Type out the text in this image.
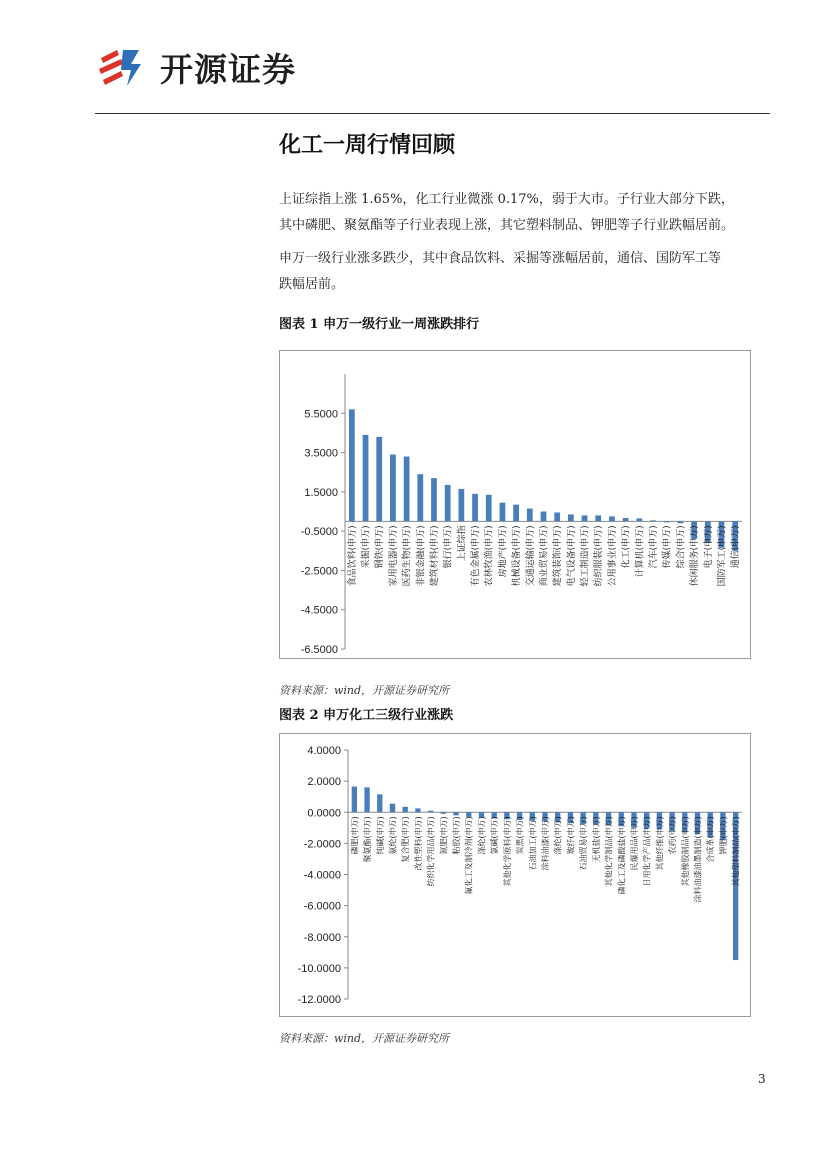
开源证券
化工一周行情回顾
上证综指上涨 1.65%，化工行业微涨 0.17%，弱于大市。子行业大部分下跌，
其中磷肥、聚氨酯等子行业表现上涨，其它塑料制品、钾肥等子行业跌幅居前。
申万一级行业涨多跌少，其中食品饮料、采掘等涨幅居前，通信、国防军工等
跌幅居前。
图表 1 申万一级行业一周涨跌排行
5.5000
3.5000
1.5000
-0.5000
-2.5000
-4.5000
-6.5000
食品饮料(申万) 采掘(申万) 钢铁(申万) 家用电器(申万) 医药生物(申万) 非银金融(申万) 建筑材料(申万) 银行(申万) 上证综指 有色金属(申万) 农林牧渔(申万) 房地产(申万) 机械设备(申万) 交通运输(申万) 商业贸易(申万) 建筑装饰(申万) 电气设备(申万) 轻工制造(申万) 纺织服装(申万) 公用事业(申万) 化工(申万) 计算机(申万) 汽车(申万) 传媒(申万) 综合(申万) 休闲服务(申万) 电子(申万) 国防军工(申万) 通信(申万)
资料来源：wind，开源证券研究所
图表 2 申万化工三级行业涨跌
4.0000
2.0000
0.0000
-2.0000
-4.0000
-6.0000
-8.0000
-10.0000
-12.0000
磷肥(申万) 聚氨酯(申万) 纯碱(申万) 氨纶(申万) 复合肥(申万) 改性塑料(申万) 纺织化学用品(申万) 氮肥(申万) 粘胶(申万) 氟化工及制冷剂(申万) 涤纶(申万) 氯碱(申万) 其他化学原料(申万) 炭黑(申万) 石油加工(申万) 涂料油漆(申万) 涤纶(申万) 玻纤(申万) 石油贸易(申万) 无机盐(申万) 其他化学制品(申万) 磷化工及磷酸盐(申万) 民爆用品(申万) 日用化学产品(申万) 其他纤维(申万) 农药(申万) 其他橡胶制品(申万) 涂料油漆油墨制造(申万) 合成革(申万) 钾肥(申万) 其他塑料制品(申万)
资料来源：wind，开源证券研究所
3
